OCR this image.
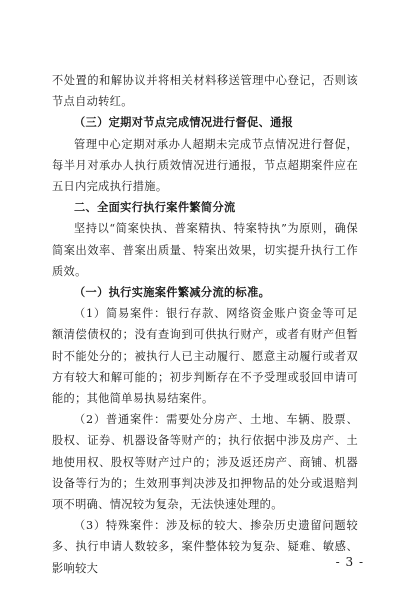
不处置的和解协议并将相关材料移送管理中心登记，否则该节点自动转红。

（三）定期对节点完成情况进行督促、通报

管理中心定期对承办人超期未完成节点情况进行督促，每半月对承办人执行质效情况进行通报，节点超期案件应在五日内完成执行措施。

二、全面实行执行案件繁简分流

坚持以“简案快执、普案精执、特案特执”为原则，确保简案出效率、普案出质量、特案出效果，切实提升执行工作质效。

（一）执行实施案件繁减分流的标准。

（1）简易案件：银行存款、网络资金账户资金等可足额清偿债权的；没有查询到可供执行财产，或者有财产但暂时不能处分的；被执行人已主动履行、愿意主动履行或者双方有较大和解可能的；初步判断存在不予受理或驳回申请可能的；其他简单易执易结案件。

（2）普通案件：需要处分房产、土地、车辆、股票、股权、证券、机器设备等财产的；执行依据中涉及房产、土地使用权、股权等财产过户的；涉及返还房产、商铺、机器设备等行为的；生效刑事判决涉及扣押物品的处分或退赔判项不明确、情况较为复杂，无法快速处理的。

（3）特殊案件：涉及标的较大、掺杂历史遗留问题较多、执行申请人数较多，案件整体较为复杂、疑难、敏感、影响较大	- 3 -
